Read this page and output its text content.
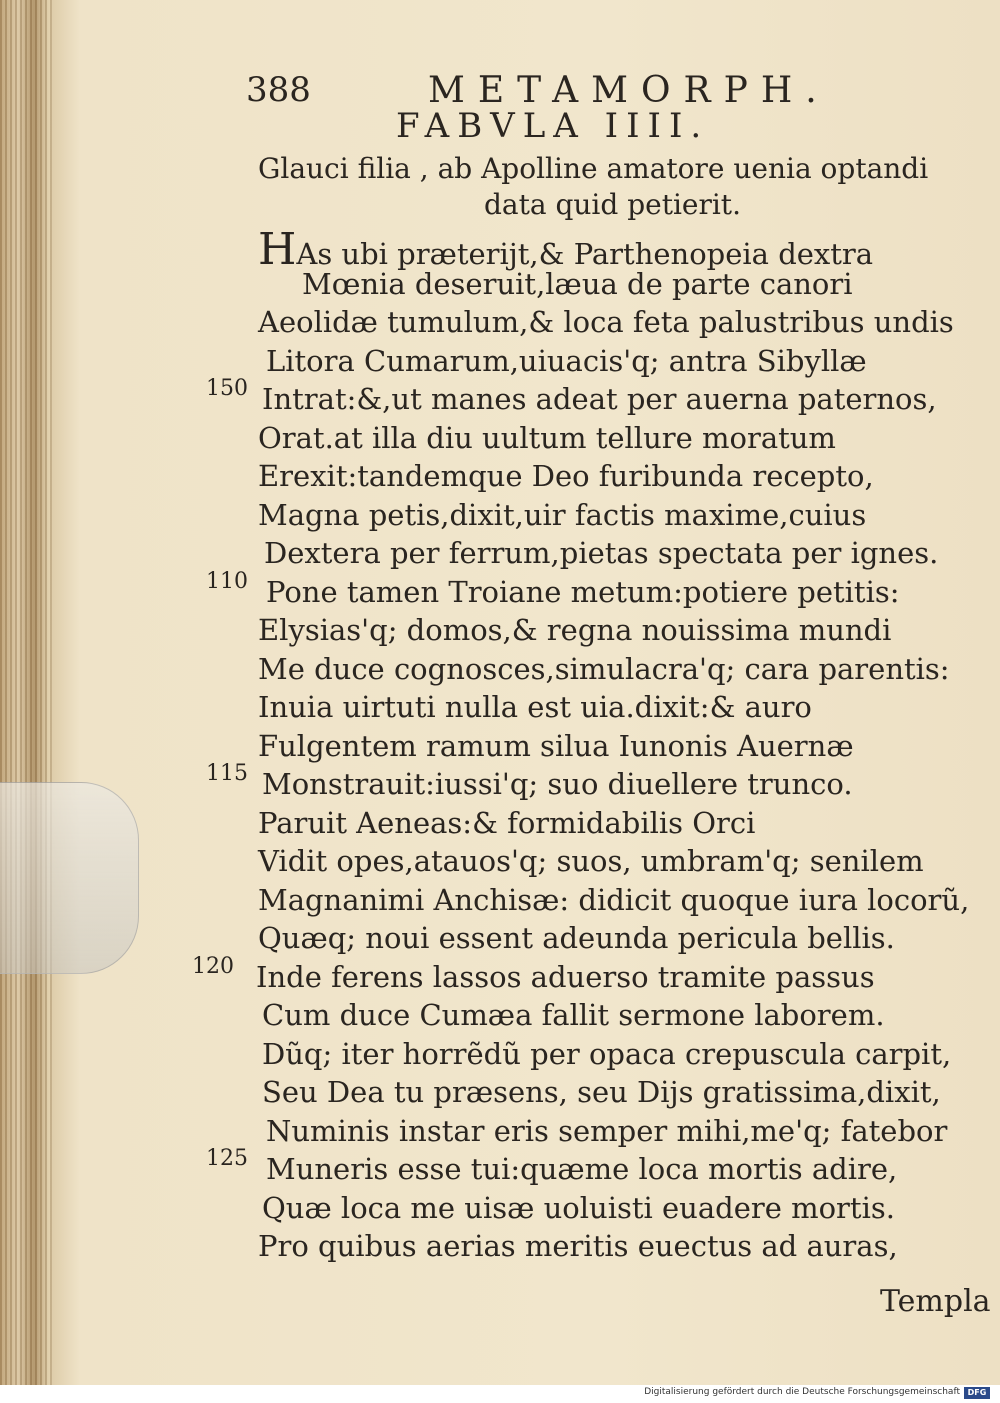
388	METAMORPH.
FABVLA IIII.
Glauci filia , ab Apolline amatore uenia optandi
data quid petierit.
HAs ubi præterijt,& Parthenopeia dextra
Mœnia deseruit,læua de parte canori
Aeolidæ tumulum,& loca feta palustribus undis
Litora Cumarum,uiuacis'q; antra Sibyllæ
Intrat:&,ut manes adeat per auerna paternos,
150
Orat.at illa diu uultum tellure moratum
Erexit:tandemque Deo furibunda recepto,
Magna petis,dixit,uir factis maxime,cuius
Dextera per ferrum,pietas spectata per ignes.
Pone tamen Troiane metum:potiere petitis:
110
Elysias'q; domos,& regna nouissima mundi
Me duce cognosces,simulacra'q; cara parentis:
Inuia uirtuti nulla est uia.dixit:& auro
Fulgentem ramum silua Iunonis Auernæ
Monstrauit:iussi'q; suo diuellere trunco.
115
Paruit Aeneas:& formidabilis Orci
Vidit opes,atauos'q; suos, umbram'q; senilem
Magnanimi Anchisæ: didicit quoque iura locorũ,
Quæq; noui essent adeunda pericula bellis.
Inde ferens lassos aduerso tramite passus
120
Cum duce Cumæa fallit sermone laborem.
Dũq; iter horrẽdũ per opaca crepuscula carpit,
Seu Dea tu præsens, seu Dijs gratissima,dixit,
Numinis instar eris semper mihi,me'q; fatebor
Muneris esse tui:quæme loca mortis adire,
125
Quæ loca me uisæ uoluisti euadere mortis.
Pro quibus aerias meritis euectus ad auras,
Templa
Digitalisierung gefördert durch die Deutsche Forschungsgemeinschaft DFG
